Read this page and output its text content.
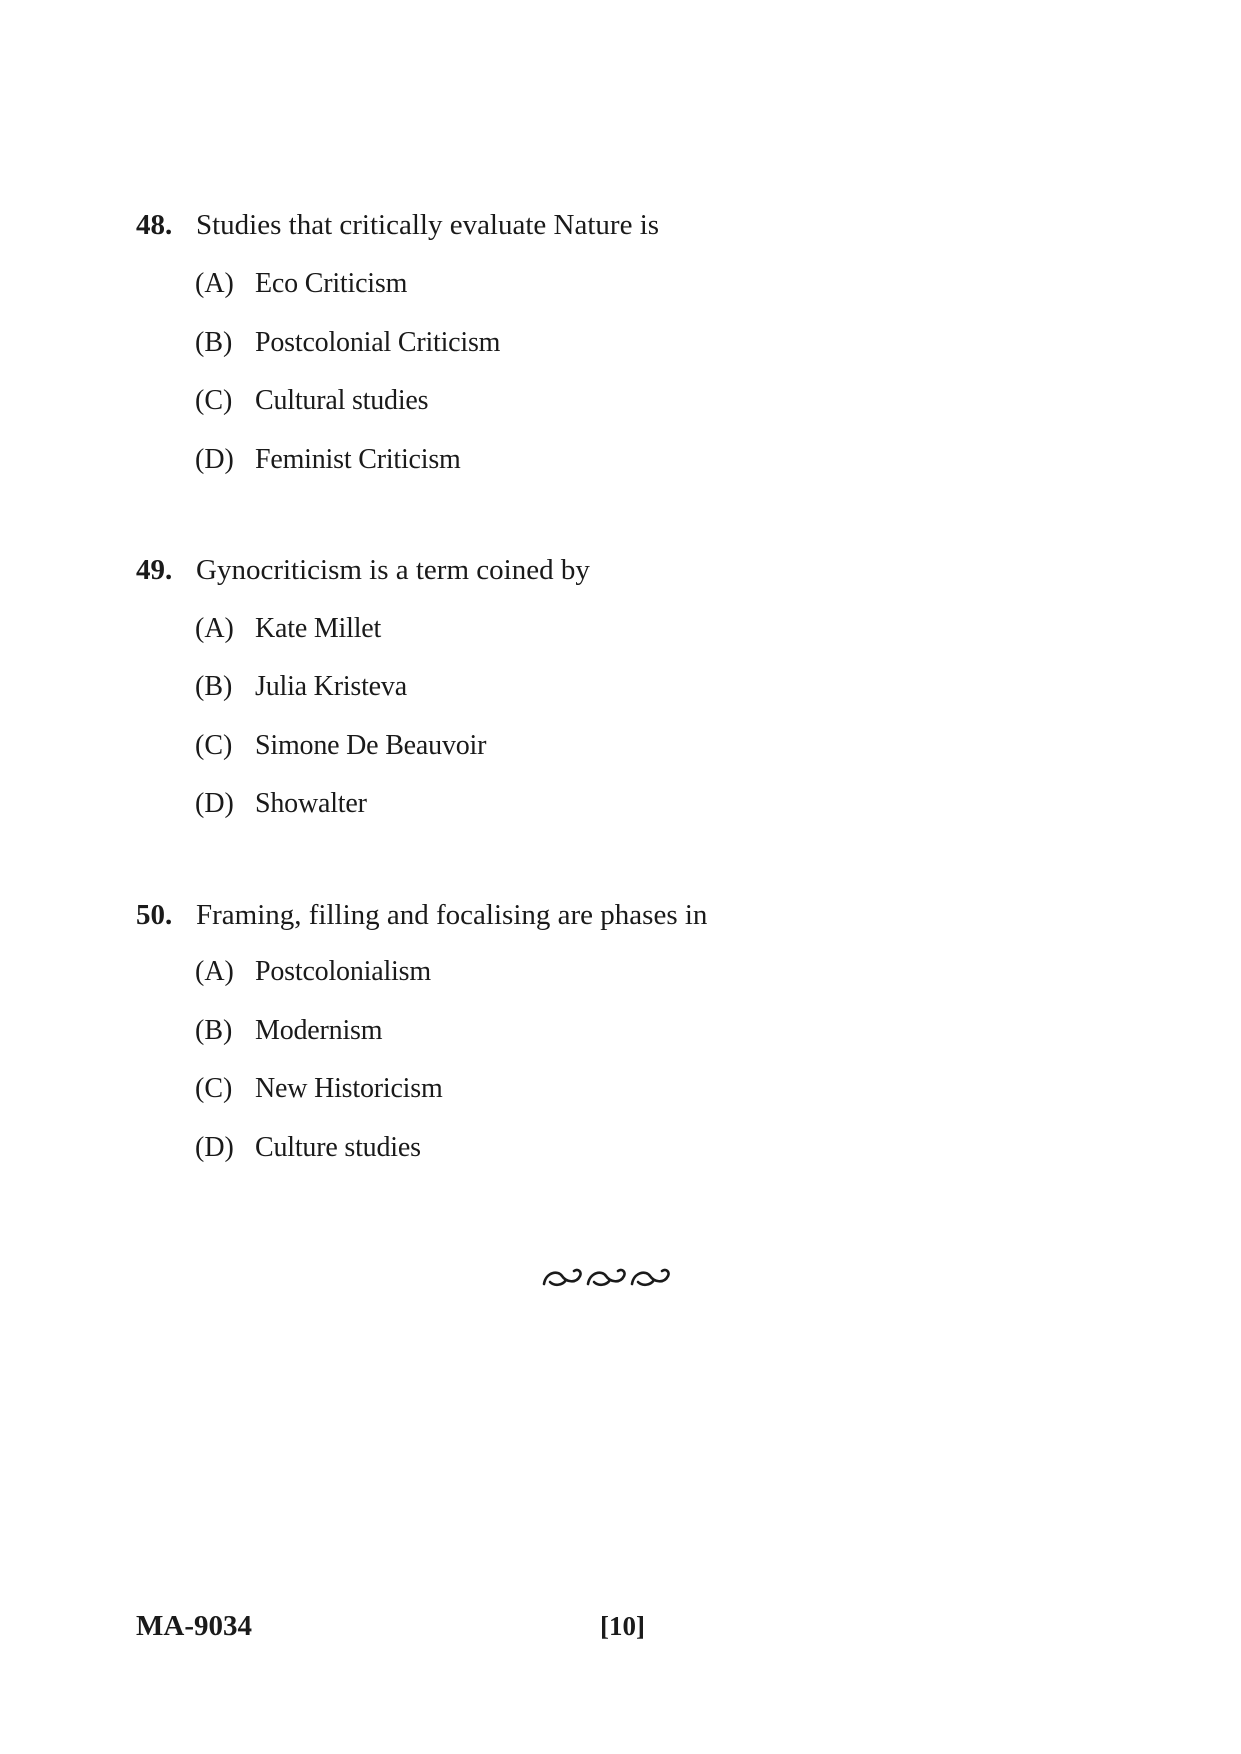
48. Studies that critically evaluate Nature is
(A) Eco Criticism
(B) Postcolonial Criticism
(C) Cultural studies
(D) Feminist Criticism
49. Gynocriticism is a term coined by
(A) Kate Millet
(B) Julia Kristeva
(C) Simone De Beauvoir
(D) Showalter
50. Framing, filling and focalising are phases in
(A) Postcolonialism
(B) Modernism
(C) New Historicism
(D) Culture studies
MA-9034	[10]
